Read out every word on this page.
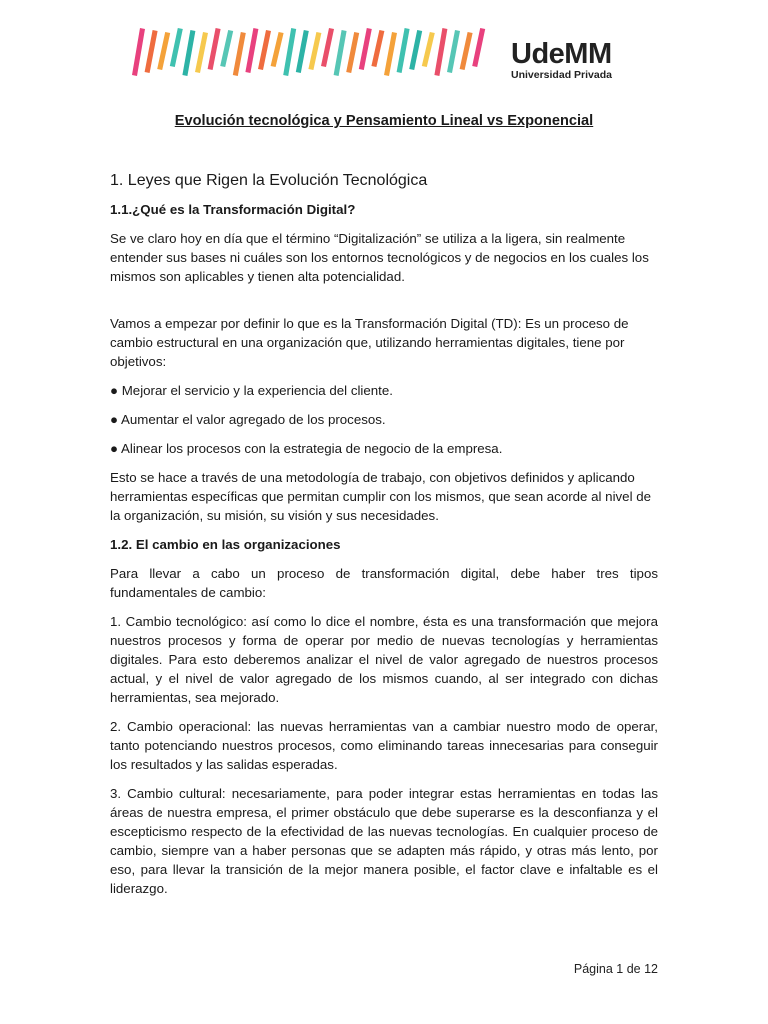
UdeMM
Universidad Privada
Evolución tecnológica y Pensamiento Lineal vs Exponencial
1. Leyes que Rigen la Evolución Tecnológica
1.1.¿Qué es la Transformación Digital?

Se ve claro hoy en día que el término “Digitalización” se utiliza a la ligera, sin realmente entender sus bases ni cuáles son los entornos tecnológicos y de negocios en los cuales los mismos son aplicables y tienen alta potencialidad.

Vamos a empezar por definir lo que es la Transformación Digital (TD): Es un proceso de cambio estructural en una organización que, utilizando herramientas digitales, tiene por objetivos:

● Mejorar el servicio y la experiencia del cliente.

● Aumentar el valor agregado de los procesos.

● Alinear los procesos con la estrategia de negocio de la empresa.

Esto se hace a través de una metodología de trabajo, con objetivos definidos y aplicando herramientas específicas que permitan cumplir con los mismos, que sean acorde al nivel de la organización, su misión, su visión y sus necesidades.

1.2. El cambio en las organizaciones

Para llevar a cabo un proceso de transformación digital, debe haber tres tipos fundamentales de cambio:

1. Cambio tecnológico: así como lo dice el nombre, ésta es una transformación que mejora nuestros procesos y forma de operar por medio de nuevas tecnologías y herramientas digitales. Para esto deberemos analizar el nivel de valor agregado de nuestros procesos actual, y el nivel de valor agregado de los mismos cuando, al ser integrado con dichas herramientas, sea mejorado.

2. Cambio operacional: las nuevas herramientas van a cambiar nuestro modo de operar, tanto potenciando nuestros procesos, como eliminando tareas innecesarias para conseguir los resultados y las salidas esperadas.

3. Cambio cultural: necesariamente, para poder integrar estas herramientas en todas las áreas de nuestra empresa, el primer obstáculo que debe superarse es la desconfianza y el escepticismo respecto de la efectividad de las nuevas tecnologías. En cualquier proceso de cambio, siempre van a haber personas que se adapten más rápido, y otras más lento, por eso, para llevar la transición de la mejor manera posible, el factor clave e infaltable es el liderazgo.

Página 1 de 12
